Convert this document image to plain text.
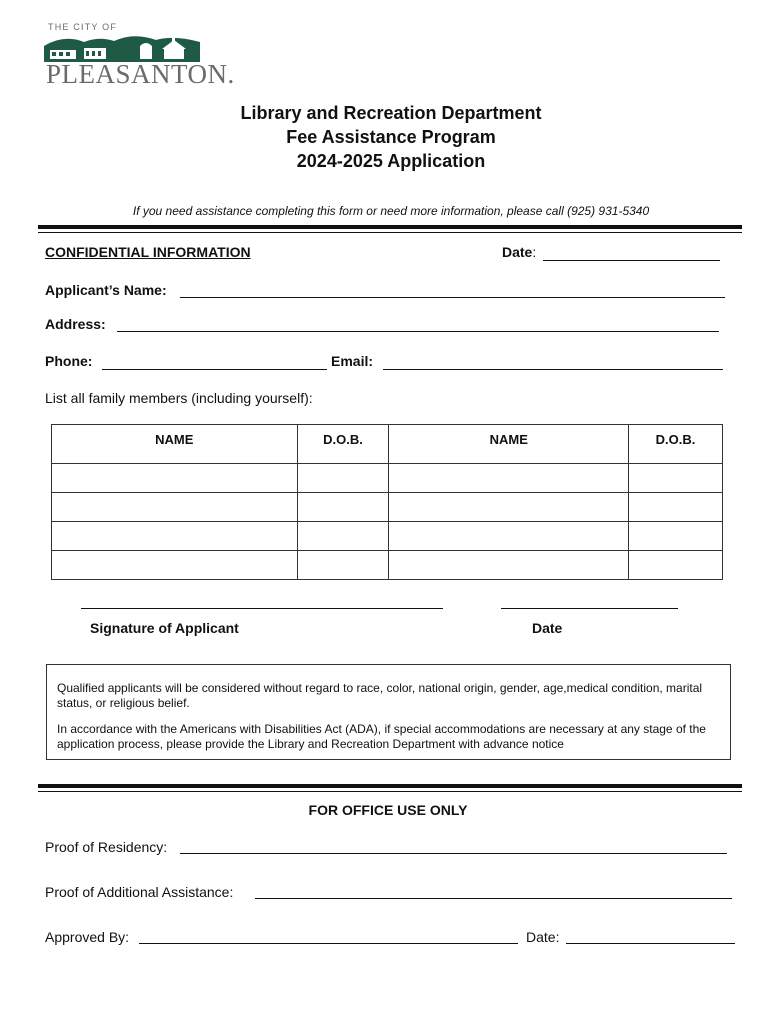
THE CITY OF
PLEASANTON.
Library and Recreation Department
Fee Assistance Program
2024-2025 Application
If you need assistance completing this form or need more information, please call (925) 931-5340
CONFIDENTIAL INFORMATION	Date:
Applicant’s Name:
Address:
Phone:	Email:
List all family members (including yourself):
NAME	D.O.B.	NAME	D.O.B.

Signature of Applicant	Date

Qualified applicants will be considered without regard to race, color, national origin, gender, age,medical condition, marital status, or religious belief.

In accordance with the Americans with Disabilities Act (ADA), if special accommodations are necessary at any stage of the application process, please provide the Library and Recreation Department with advance notice

FOR OFFICE USE ONLY
Proof of Residency:
Proof of Additional Assistance:
Approved By:	Date:
